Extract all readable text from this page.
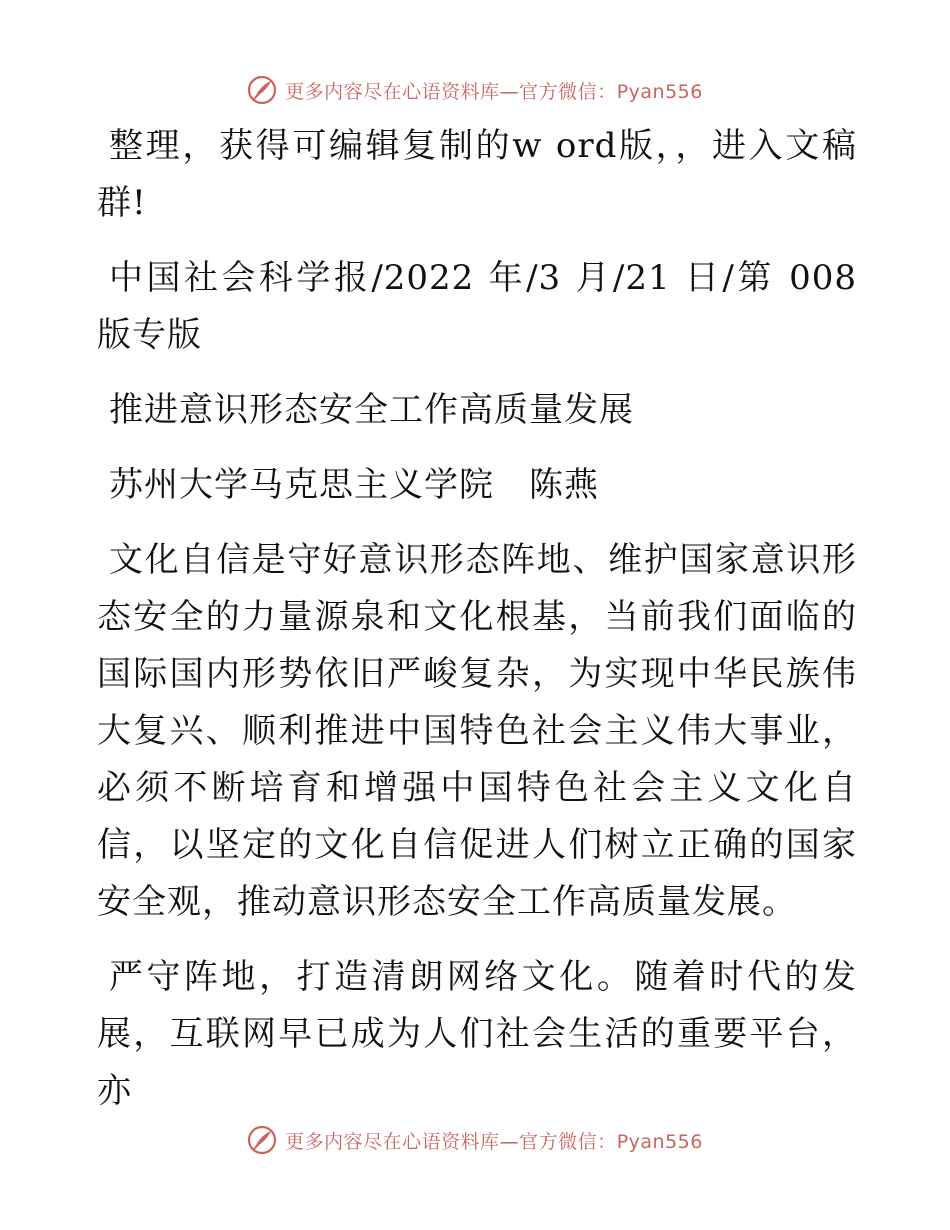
更多内容尽在心语资料库—官方微信：Pyan556

整理，获得可编辑复制的w ord版，，进入文稿群!

中国社会科学报/2022 年/3 月/21 日/第 008 版专版

推进意识形态安全工作高质量发展

苏州大学马克思主义学院　陈燕

文化自信是守好意识形态阵地、维护国家意识形态安全的力量源泉和文化根基，当前我们面临的国际国内形势依旧严峻复杂，为实现中华民族伟大复兴、顺利推进中国特色社会主义伟大事业，必须不断培育和增强中国特色社会主义文化自信，以坚定的文化自信促进人们树立正确的国家安全观，推动意识形态安全工作高质量发展。

严守阵地，打造清朗网络文化。随着时代的发展，互联网早已成为人们社会生活的重要平台，亦

更多内容尽在心语资料库—官方微信：Pyan556
